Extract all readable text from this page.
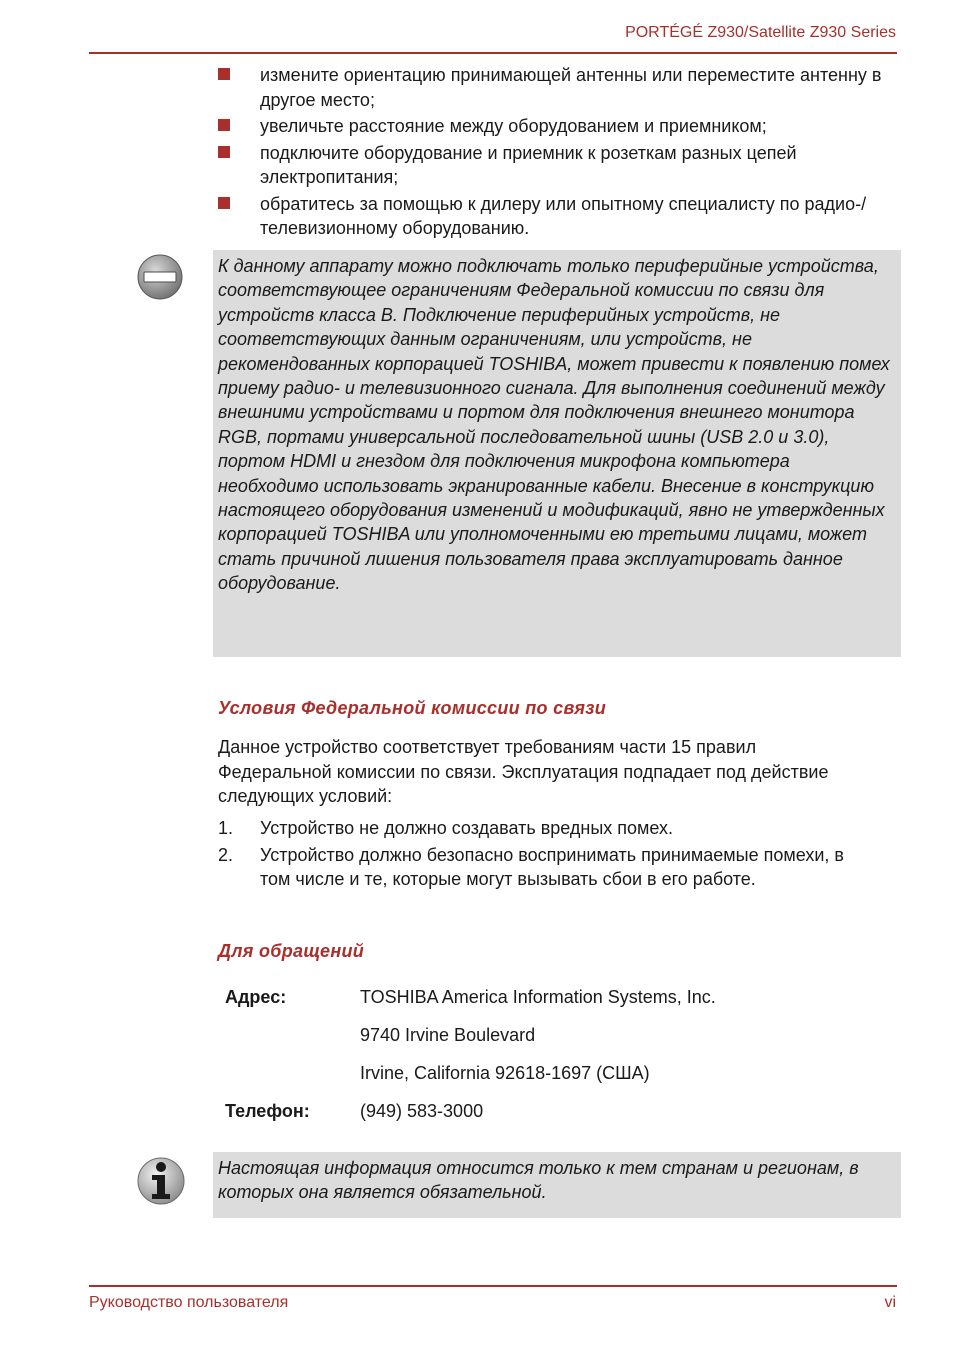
PORTÉGÉ Z930/Satellite Z930 Series
измените ориентацию принимающей антенны или переместите антенну в другое место;
увеличьте расстояние между оборудованием и приемником;
подключите оборудование и приемник к розеткам разных цепей электропитания;
обратитесь за помощью к дилеру или опытному специалисту по радио-/телевизионному оборудованию.

К данному аппарату можно подключать только периферийные устройства, соответствующее ограничениям Федеральной комиссии по связи для устройств класса B. Подключение периферийных устройств, не соответствующих данным ограничениям, или устройств, не рекомендованных корпорацией TOSHIBA, может привести к появлению помех приему радио- и телевизионного сигнала. Для выполнения соединений между внешними устройствами и портом для подключения внешнего монитора RGB, портами универсальной последовательной шины (USB 2.0 и 3.0), портом HDMI и гнездом для подключения микрофона компьютера необходимо использовать экранированные кабели. Внесение в конструкцию настоящего оборудования изменений и модификаций, явно не утвержденных корпорацией TOSHIBA или уполномоченными ею третьими лицами, может стать причиной лишения пользователя права эксплуатировать данное оборудование.

Условия Федеральной комиссии по связи

Данное устройство соответствует требованиям части 15 правил Федеральной комиссии по связи. Эксплуатация подпадает под действие следующих условий:

1. Устройство не должно создавать вредных помех.
2. Устройство должно безопасно воспринимать принимаемые помехи, в том числе и те, которые могут вызывать сбои в его работе.
Для обращений
Адрес:	TOSHIBA America Information Systems, Inc.
9740 Irvine Boulevard
Irvine, California 92618-1697 (США)
Телефон:	(949) 583-3000

Настоящая информация относится только к тем странам и регионам, в которых она является обязательной.

Руководство пользователя	vi
